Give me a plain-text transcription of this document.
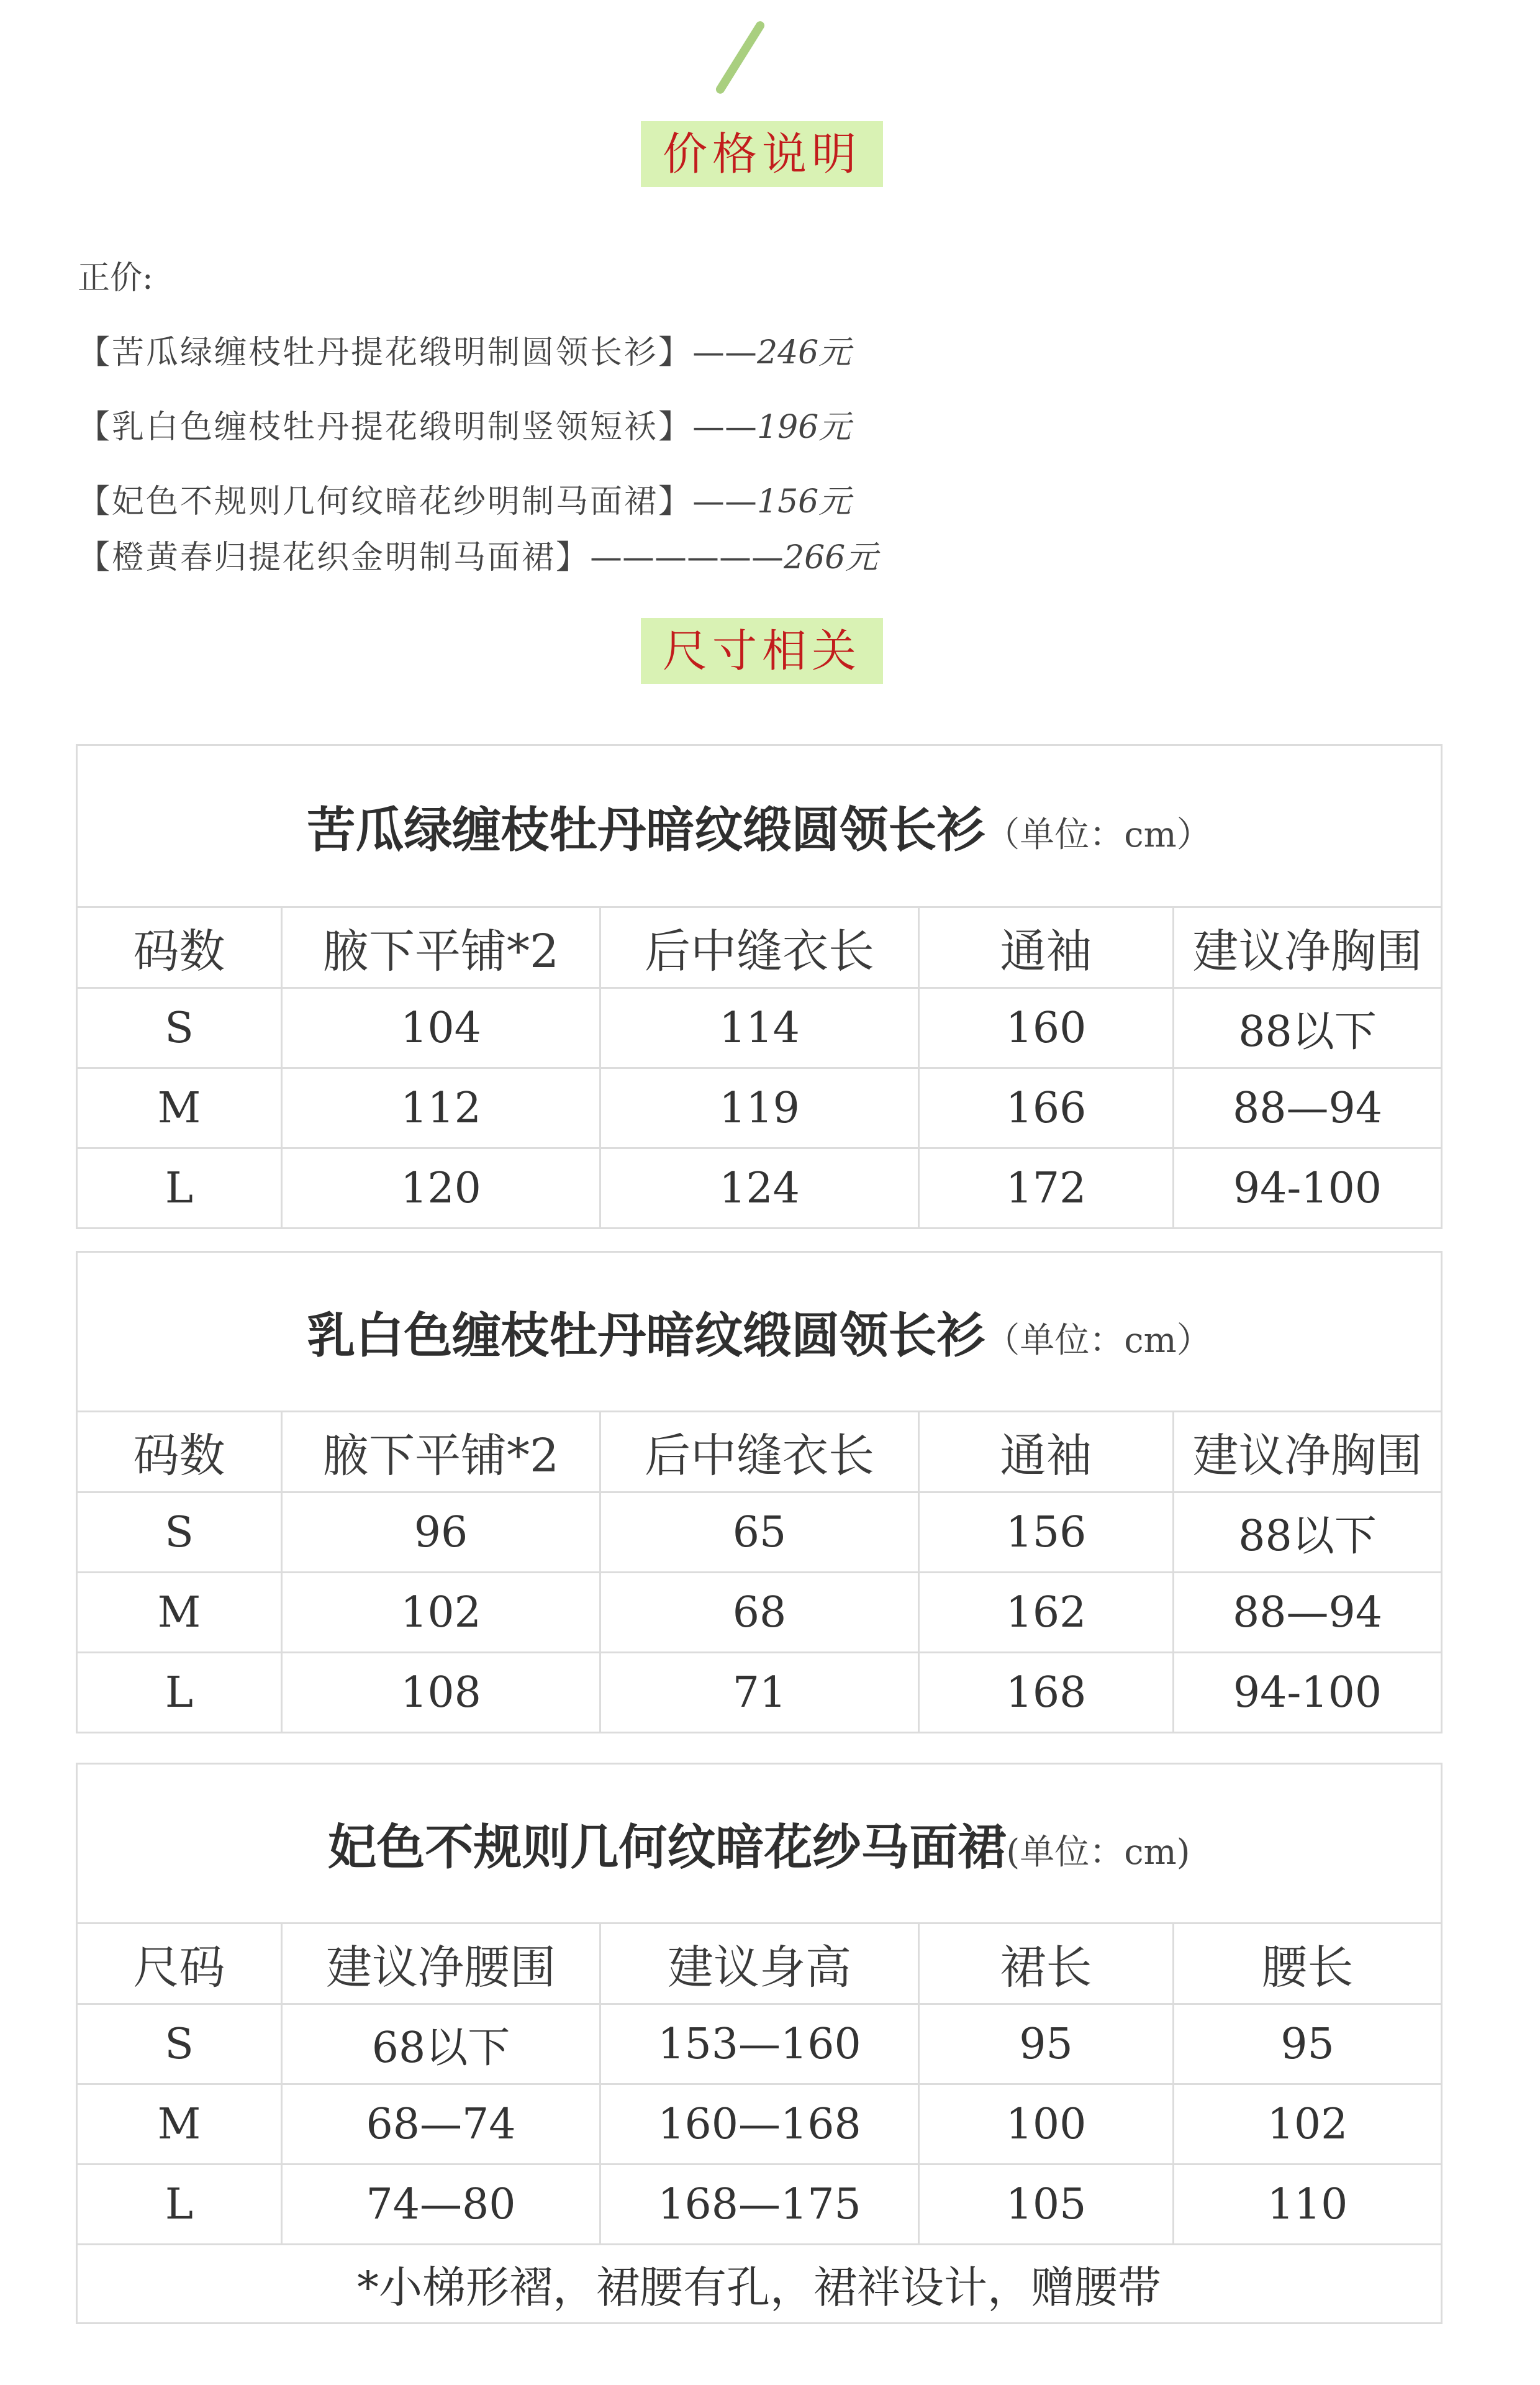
价格说明
正价:
【苦瓜绿缠枝牡丹提花缎明制圆领长衫】——246元
【乳白色缠枝牡丹提花缎明制竖领短袄】——196元
【妃色不规则几何纹暗花纱明制马面裙】——156元
【橙黄春归提花织金明制马面裙】——————266元
尺寸相关
苦瓜绿缠枝牡丹暗纹缎圆领长衫（单位：cm）				
码数	腋下平铺*2	后中缝衣长	通袖	建议净胸围
S	104	114	160	88以下
M	112	119	166	88—94
L	120	124	172	94-100
乳白色缠枝牡丹暗纹缎圆领长衫（单位：cm）				
码数	腋下平铺*2	后中缝衣长	通袖	建议净胸围
S	96	65	156	88以下
M	102	68	162	88—94
L	108	71	168	94-100
妃色不规则几何纹暗花纱马面裙(单位：cm)				
尺码	建议净腰围	建议身高	裙长	腰长
S	68以下	153—160	95	95
M	68—74	160—168	100	102
L	74—80	168—175	105	110
*小梯形褶，裙腰有孔，裙袢设计，赠腰带				
